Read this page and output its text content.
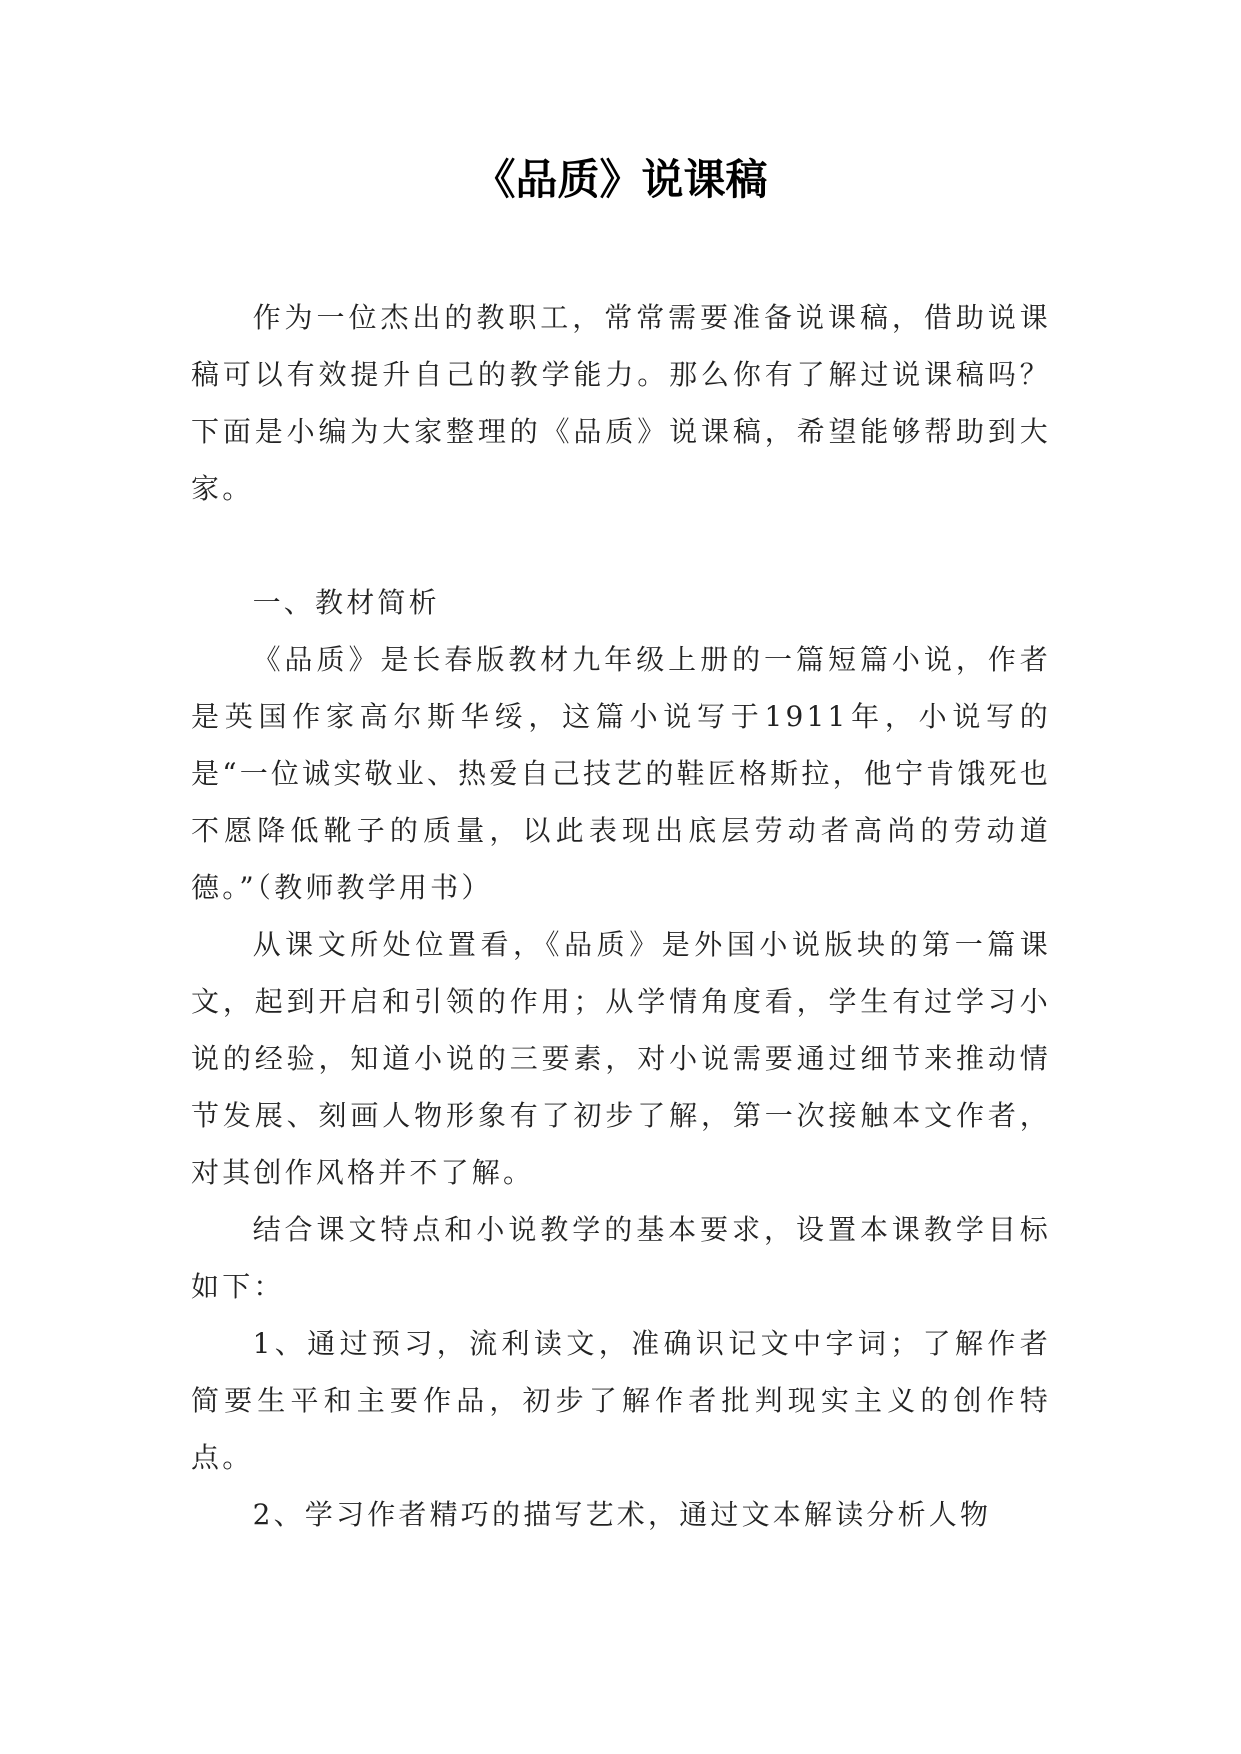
《品质》说课稿

作为一位杰出的教职工，常常需要准备说课稿，借助说课稿可以有效提升自己的教学能力。那么你有了解过说课稿吗？下面是小编为大家整理的《品质》说课稿，希望能够帮助到大家。

一、教材简析

《品质》是长春版教材九年级上册的一篇短篇小说，作者是英国作家高尔斯华绥，这篇小说写于1911年，小说写的是“一位诚实敬业、热爱自己技艺的鞋匠格斯拉，他宁肯饿死也不愿降低靴子的质量，以此表现出底层劳动者高尚的劳动道德。”（教师教学用书）

从课文所处位置看，《品质》是外国小说版块的第一篇课文，起到开启和引领的作用；从学情角度看，学生有过学习小说的经验，知道小说的三要素，对小说需要通过细节来推动情节发展、刻画人物形象有了初步了解，第一次接触本文作者，对其创作风格并不了解。

结合课文特点和小说教学的基本要求，设置本课教学目标如下：

1、通过预习，流利读文，准确识记文中字词；了解作者简要生平和主要作品，初步了解作者批判现实主义的创作特点。

2、学习作者精巧的描写艺术，通过文本解读分析人物
